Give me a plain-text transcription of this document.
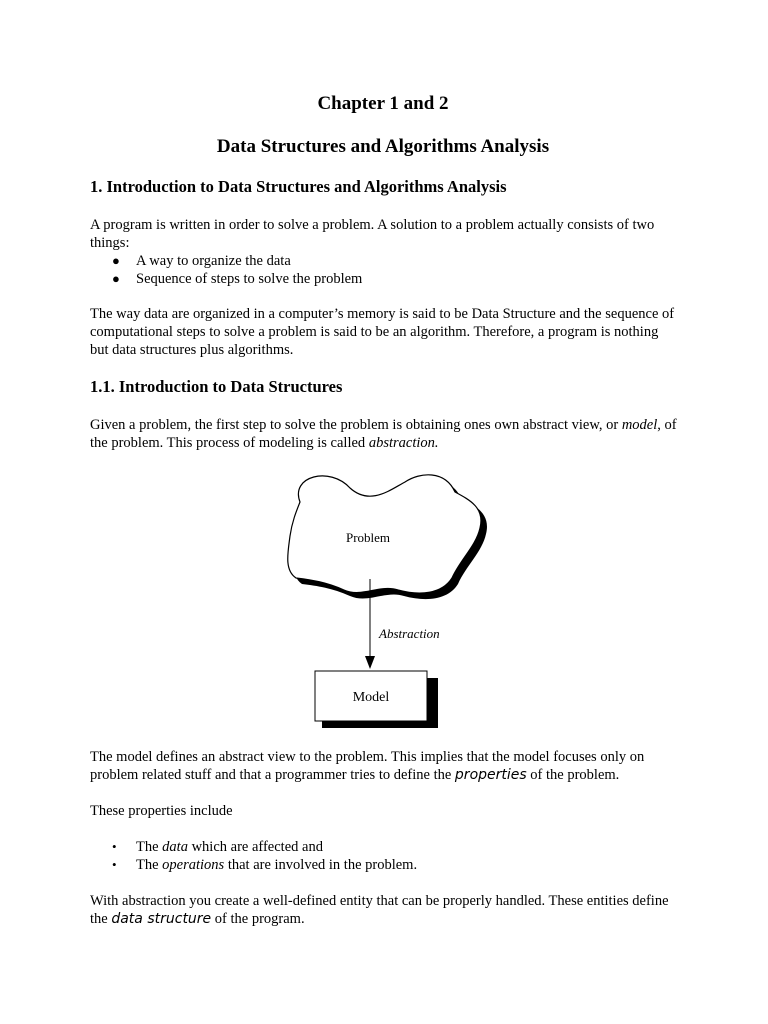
Chapter 1 and 2
Data Structures and Algorithms Analysis
1. Introduction to Data Structures and Algorithms Analysis

A program is written in order to solve a problem. A solution to a problem actually consists of two things:

● A way to organize the data
● Sequence of steps to solve the problem

The way data are organized in a computer’s memory is said to be Data Structure and the sequence of computational steps to solve a problem is said to be an algorithm. Therefore, a program is nothing but data structures plus algorithms.

1.1. Introduction to Data Structures

Given a problem, the first step to solve the problem is obtaining ones own abstract view, or model, of the problem. This process of modeling is called abstraction.

The model defines an abstract view to the problem. This implies that the model focuses only on problem related stuff and that a programmer tries to define the properties of the problem.

These properties include

• The data which are affected and
• The operations that are involved in the problem.

With abstraction you create a well-defined entity that can be properly handled. These entities define the data structure of the program.

Problem
Abstraction
Model
